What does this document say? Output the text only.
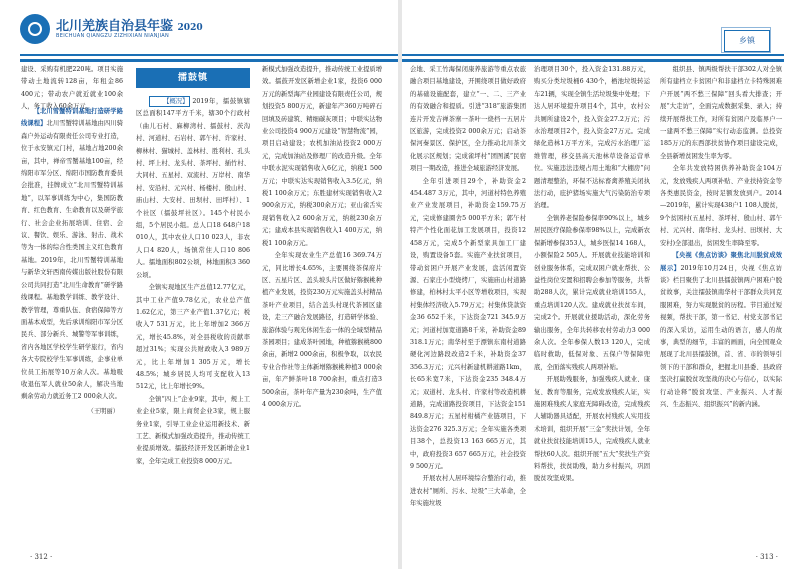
北川羌族自治县年鉴 2020
BEICHUAN QIANGZU ZIZHIXIAN NIANJIAN

建设、采购有机肥220吨。项目实施带动土地流转128亩，年租金86 400元；带动农户就近就业100余人，务工收入60余万元。

【北川雪蟹特训基地打造研学路线课程】北川雪蟹特训基地由四川骑森户外运动有限责任公司专业打造，位于永安镇元门村，基地占地200余亩，其中，禅帝雪蟹基地100亩，经绵阳市军分区、绵阳市国防教育委员会批准，挂牌成立“北川雪蟹特训基地”，以军事训练为中心，集国防教育、红色教育、生命教育以及研学旅行、社会企业拓展培训、住宿、会议、餐饮、娱乐、游泳、射击、战术等为一体的综合性类国主义红色教育基地。2019年，北川雪蟹特训基地与新华文轩西南传媒出版社股份有限公司共同打造“北川生命教育”研学路线课程。基地教学训练、教学设计、教学管理，尊重队伍、食宿保障等方面基本成型，先后承训绵阳市军分区民兵、部分新兵、城警等军事训练，省内各地区学校学生研学旅行，省内各大专院校学生军事训练，企事业单位员工拓展等10万余人次。基地吸收退伍军人就业50余人，解决当地剩余劳动力就近务工2 000余人次。

（王明丽）
擂鼓镇

【概况】 2019年，擂鼓镇辖区总面积147平方千米，辖30个行政村（曲儿石村、麻柳湾村、擂鼓村、茨沟村、河道村、石岩村、郭午村、许家村、柳林村、猫城村、盖林村、胜利村、孔头村、坪上村、龙头村、茶坪村、插竹村、大同村、五星村、双流村、万岸村、南华村、安沿村、元兴村、杨楼村、殷山村、庙山村、大安村、田坝村、田坪村）、1个社区（擂鼓坪社区）。145个村民小组，5个居民小组。总人口18 648户18 010人，其中农业人口10 023人，非农人口4 820人，场镇常住人口10 806人。擂地面积802公顷，林地面积3 360公顷。

全镇实现地区生产总值12.77亿元，其中工业产值9.78亿元，农业总产值1.62亿元，第三产业产值1.37亿元；税收入7 531万元，比上年增加2 366万元，增长45.8%，对全县税收的贡献率超过31%；实现公共财政收入3 989万元，比上年增加1 305万元，增长48.5%；城乡居民人均可支配收入13 512元，比上年增长9%。

全镇“四上”企业9家，其中，规上工业企业5家，限上商贸企业3家，规上服务业1家，引导工业企业运用新技术、新工艺、新模式加强改造提升，推动传统工业提质增效。擂鼓经济开发区新增企业1家，全年完成工业投资8 000万元。

新模式加强改造提升，推动传统工业提质增效。擂鼓开发区新增企业1家，投资6 000万元的新型海产业园建设有限责任公司，规划投资5 800万元，新建年产360万吨碎石回填及砖建筑、精细碳灰项目；中联实达物业公司投资4 900万元建设“智慧物流”园，项目启动建设；农机加油站投资2 000万元，完成加油站及修理厂的改造升级。全年中联水泥实现销售收入6亿元，纳税1 500万元；中联实达实现销售收入3.5亿元，纳税1 100余万元；东胜建材实现销售收入2 900余万元，纳税300余万元；亚山雀舌实现销售收入2 600余万元，纳税230余万元；建成本县实现销售收入1 400万元，纳税1 100余万元。

全年实现农业生产总值16 369.74万元，同比增长4.65%，主要围绕茶保府片区、五星片区、盖头坡头片区做好猕猴桃种植产业发展，投资230万元实施盖头村精品茶叶产业项目，结合盖头村现代茶园区建设，走三产融合发展路径，打造研学体验、旅游体验与观光休闲生态一体的全域型精品茶园项目；建成茶叶园地，种植猕猴桃800余亩，新增2 000余亩，积极争取，以农民专业合作社等主体新增猕猴桃种植3 000余亩，年产鲜茶叶18 700余担，重点打造3 500余亩，茶叶年产量为230余吨，生产值4 000余万元。

· 312 ·
乡镇

会地、采工竹海保闭康养旅游等重点农旅融合项目基地建设，开围绕项目做好政府的基础设施配套，建立“一、二、三产业的有效融合和提质。引进“318”旅游集团连片开发吉禅茶寨一茶叶一烧档一五居片区旅游，完成投资2 000余万元；启动茶保河秦景区、保护区，全力推动北川茶文化展示区规划；完成雀坪村“团图溪”民宿项目一期改造，推进全域旅游经济发展。

全年引进项目29个，补助资金2 454.487 3万元，其中，河道村特色养殖业产业发展项目，补助资金159.75万元，完成修建圈舍5 000平方米；郭午村特产个性化面花加工发展项目，投资12 458万元，完成5个新型家具加工厂建设，购置设备5套。实施产业扶贫项目，带动贫困户开展产业发展，盘活闲置资源、石家庄小型烧烤厂，实施庙山村道路修建，柏林村太平小区等增收项目，实现村集体经济收入5.79万元；村集体贷款资金36 652千米，下达资金721 345.9万元；河道村加宽道路8千米，补助资金89 318.1万元；南华村至于漂镇东南村道路硬化河边路段改造2千米，补助资金37 356.3万元；元兴村新建机耕道路1km，长65米宽7米，下达资金235 348.4万元；双道村、龙头村、许家村等改造机耕道路，完成道路投资项目，下达资金151 849.8万元；五星村柑橘产业链项目，下达资金276 325.3万元；全年实施各类项目38个，总投资13 163 665万元，其中，政府投资3 657 665万元，社会投资9 500万元。

开展农村人居环境综合整治行动，推进农村“厕所、污水、垃圾”三大革命，全年实施垃圾

治理项目30个，投入资金131.88万元，购买分类垃圾桶6 430个，栖池垃圾转运车21辆，实现全镇生活垃圾集中处理；下达人居环境提升项目4个，其中，农村公共厕所建设2个，投入资金27.2万元；污水治理项目2个，投入资金27万元。完成绿化造林1万平方米，完成污水治理厂运维管理，移交县高天池林草设备运营单位。实施违法违规占用土地和“大棚房”问题清理整治，环保不达标畜禽养殖关闭执法行动，庇护猪场实施大气污染防治专项治理。

全镇养老保险参保率90%以上，城乡居民医疗保险参保率98%以上，完成新农保新增参保353人，城乡医保14 168人，小额保险2 505人。开展就业技能培训和创业服务体系，完成双困户就业帮扶、公益性岗位安置和招聘会参加等服务，共帮助288人次，累计完成就业培训155人，重点培训120人次。建成就业扶贫车间，完成2个。开展就业援助活动，深化劳务输出服务，全年共转移农村劳动力3 000余人次。全年参保人数13 120人，完成临时救助，低保对象、五保户等保障兜底，全面落实残疾人两项补贴。

开展助残服务，加强残疾人就业、康复、教育等服务，完成发放残疾人证，实施困难残疾人家庭无障碍改造，完成残疾人辅助器具适配，开展农村残疾人实用技术培训，组织开展“三金”奖扶计划，全年就业扶贫技能培训15人，完成残疾人就业帮扶60人次。组织开展“五大”奖扶生产资料帮扶，扶贫助残，助力乡村振兴，巩固脱贫攻坚成果。

组织县、镇两级帮扶干部302人对全镇所有建档立卡贫困户和非建档立卡特殊困难户开展“两不愁三保障”回头看大排查；开展“大走访”，全面完成数据采集、录入；持续开展帮扶工作，对所有贫困户及临界户一一建两不愁三保障”实行动态监测。总投资185万元的东西部扶贫协作项目建设完成，全县新增贫困发生率为零。

全年共发放特困供养补助资金104万元，发放残疾人两项补贴、产业扶持资金等各类惠民资金，按时足额发放到户。2014—2019年，累计实现438户1 108人脱贫，9个贫困村(五星村、茶坪村、殷山村、郭午村、元兴村、南华村、龙头村、田坝村、大安村)全部退出，贫困发生率降至零。

【央视《焦点访谈》聚焦北川脱贫成效展示】2019年10月24日，央视《焦点访谈》栏目聚焦了北川县擂鼓镇两户困难户脱贫故事，关注擂鼓镇南华村干部群众共同克服困难，努力实现脱贫的历程。节目通过短视频，帮扶干部，第一书记、村党支部书记的深入采访，运用生动的语言，感人的故事，典型的细节，丰富的画面，向全国观众展现了北川县擂鼓镇，首、省、市的领导引领下的干部和群众，把握北川县委、县政府坚决打赢脱贫攻坚战的决心与信心，以实际行动诠释“脱贫攻坚、产业振兴、人才振兴、生态振兴、组织振兴”的新内涵。

· 313 ·
